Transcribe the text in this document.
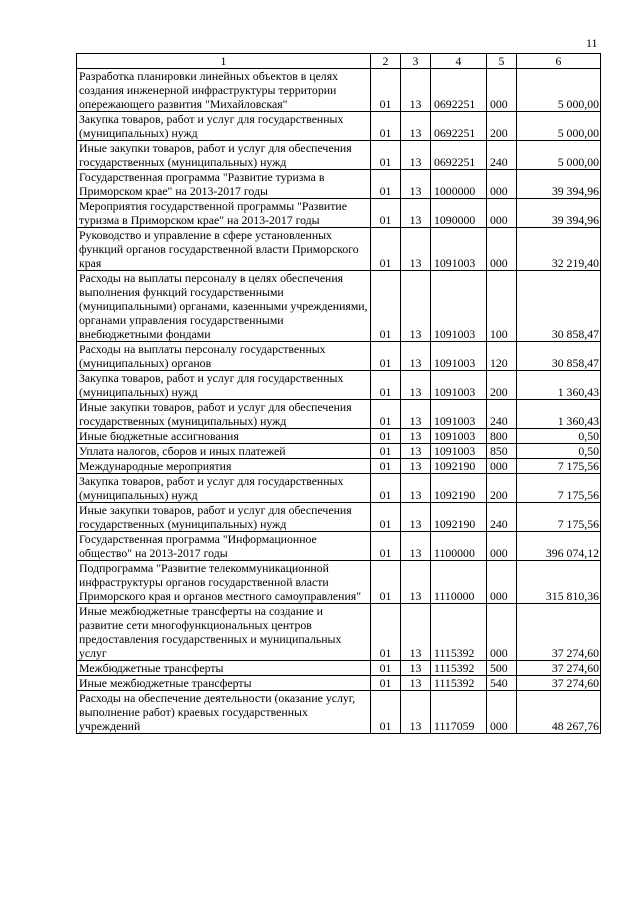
11
1	2	3	4	5	6
Разработка планировки линейных объектов в целях создания инженерной инфраструктуры территории опережающего развития "Михайловская"	01	13	0692251	000	5 000,00
Закупка товаров, работ и услуг для государственных (муниципальных) нужд	01	13	0692251	200	5 000,00
Иные закупки товаров, работ и услуг для обеспечения государственных (муниципальных) нужд	01	13	0692251	240	5 000,00
Государственная программа "Развитие туризма в Приморском крае" на 2013-2017 годы	01	13	1000000	000	39 394,96
Мероприятия государственной программы "Развитие туризма в Приморском крае" на 2013-2017 годы	01	13	1090000	000	39 394,96
Руководство и управление в сфере установленных функций органов государственной власти Приморского края	01	13	1091003	000	32 219,40
Расходы на выплаты персоналу в целях обеспечения выполнения функций государственными (муниципальными) органами, казенными учреждениями, органами управления государственными внебюджетными фондами	01	13	1091003	100	30 858,47
Расходы на выплаты персоналу государственных (муниципальных) органов	01	13	1091003	120	30 858,47
Закупка товаров, работ и услуг для государственных (муниципальных) нужд	01	13	1091003	200	1 360,43
Иные закупки товаров, работ и услуг для обеспечения государственных (муниципальных) нужд	01	13	1091003	240	1 360,43
Иные бюджетные ассигнования	01	13	1091003	800	0,50
Уплата налогов, сборов и иных платежей	01	13	1091003	850	0,50
Международные мероприятия	01	13	1092190	000	7 175,56
Закупка товаров, работ и услуг для государственных (муниципальных) нужд	01	13	1092190	200	7 175,56
Иные закупки товаров, работ и услуг для обеспечения государственных (муниципальных) нужд	01	13	1092190	240	7 175,56
Государственная программа "Информационное общество" на 2013-2017 годы	01	13	1100000	000	396 074,12
Подпрограмма "Развитие телекоммуникационной инфраструктуры органов государственной власти Приморского края и органов местного самоуправления"	01	13	1110000	000	315 810,36
Иные межбюджетные трансферты на создание и развитие сети многофункциональных центров предоставления государственных и муниципальных услуг	01	13	1115392	000	37 274,60
Межбюджетные трансферты	01	13	1115392	500	37 274,60
Иные межбюджетные трансферты	01	13	1115392	540	37 274,60
Расходы на обеспечение деятельности (оказание услуг, выполнение работ) краевых государственных учреждений	01	13	1117059	000	48 267,76
